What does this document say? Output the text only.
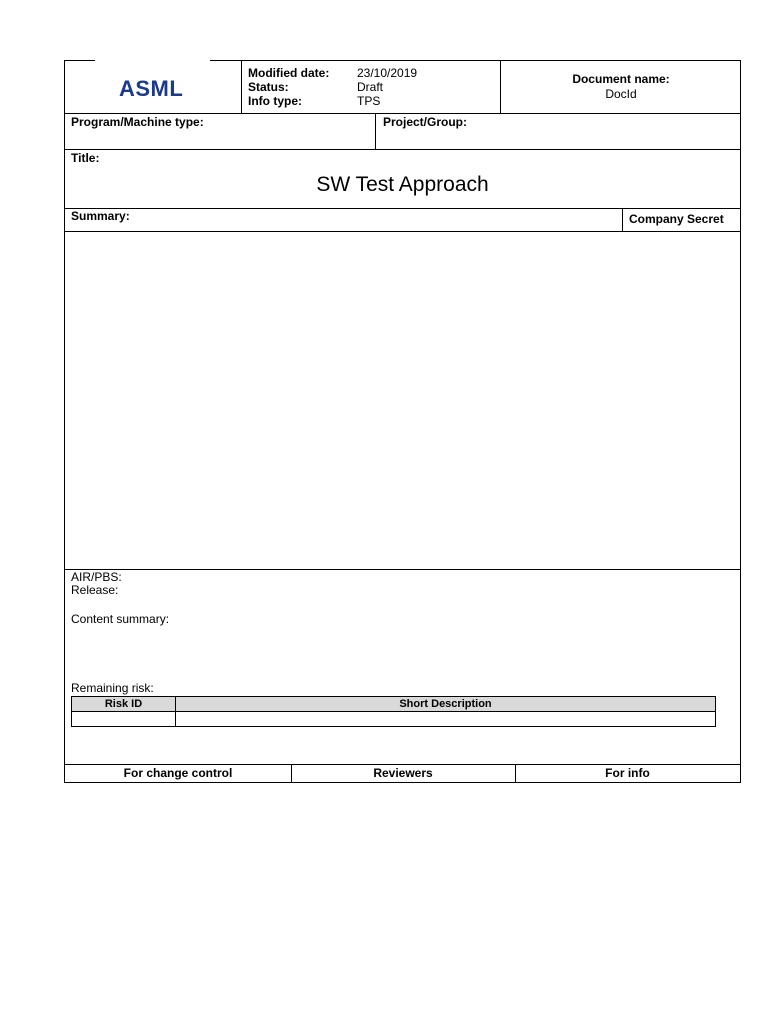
ASML
Modified date: 23/10/2019
Status:	Draft
Info type:	TPS
Document name:
DocId
Program/Machine type:	Project/Group:
Title:
SW Test Approach
Summary:	Company Secret
AIR/PBS:
Release:
Content summary:
Remaining risk:
Risk ID	Short Description

For change control	Reviewers	For info
